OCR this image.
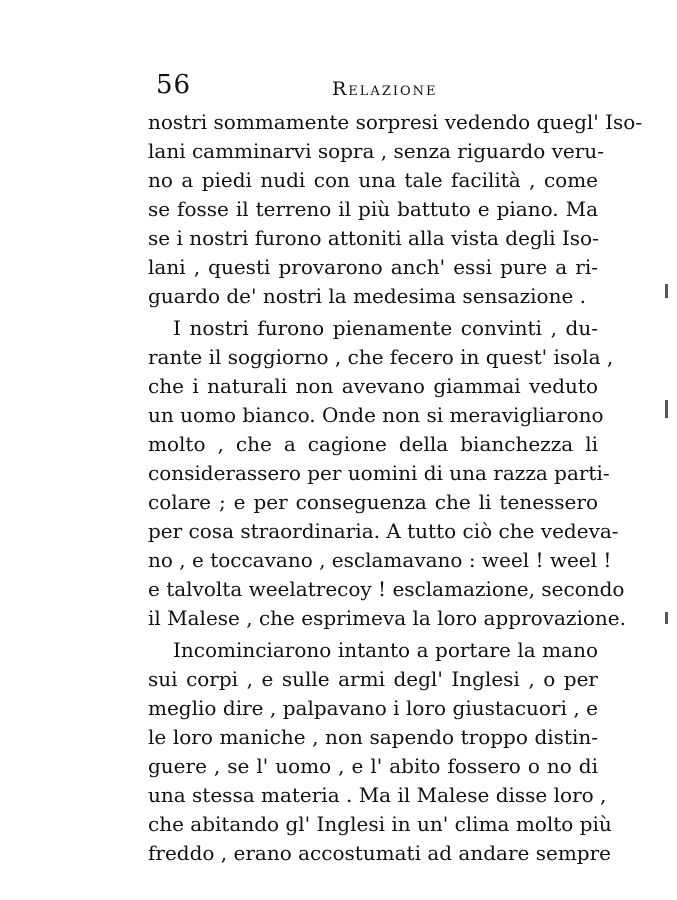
56	Relazione
nostri sommamente sorpresi vedendo quegl' Iso-
lani camminarvi sopra , senza riguardo veru-
no a piedi nudi con una tale facilità , come
se fosse il terreno il più battuto e piano. Ma
se i nostri furono attoniti alla vista degli Iso-
lani , questi provarono anch' essi pure a ri-
guardo de' nostri la medesima sensazione .
I nostri furono pienamente convinti , du-
rante il soggiorno , che fecero in quest' isola ,
che i naturali non avevano giammai veduto
un uomo bianco. Onde non si meravigliarono
molto , che a cagione della bianchezza li
considerassero per uomini di una razza parti-
colare ; e per conseguenza che li tenessero
per cosa straordinaria. A tutto ciò che vedeva-
no , e toccavano , esclamavano : weel ! weel !
e talvolta weelatrecoy ! esclamazione, secondo
il Malese , che esprimeva la loro approvazione.
Incominciarono intanto a portare la mano
sui corpi , e sulle armi degl' Inglesi , o per
meglio dire , palpavano i loro giustacuori , e
le loro maniche , non sapendo troppo distin-
guere , se l' uomo , e l' abito fossero o no di
una stessa materia . Ma il Malese disse loro ,
che abitando gl' Inglesi in un' clima molto più
freddo , erano accostumati ad andare sempre
